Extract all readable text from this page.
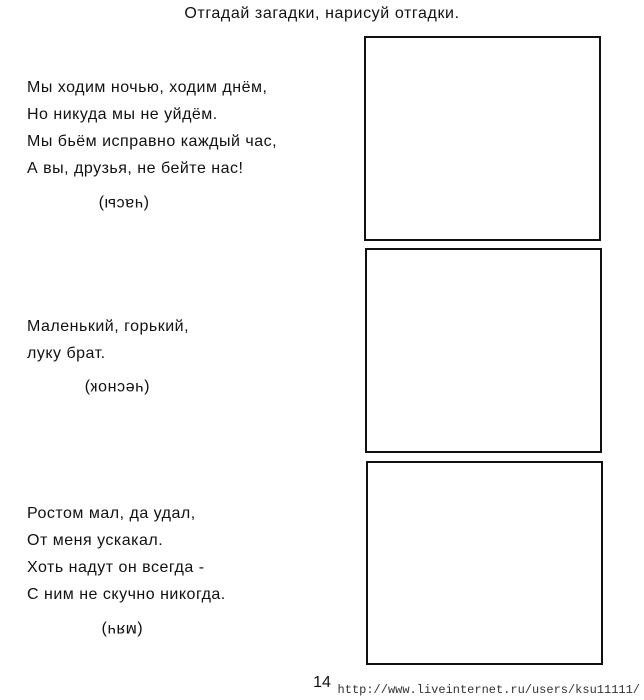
Отгадай загадки, нарисуй отгадки.
Мы ходим ночью, ходим днём,
Но никуда мы не уйдём.
Мы бьём исправно каждый час,
А вы, друзья, не бейте нас!
(часы)
Маленький, горький,
луку брат.
(чеснок)
Ростом мал, да удал,
От меня ускакал.
Хоть надут он всегда -
С ним не скучно никогда.
(мяч)
14 http://www.liveinternet.ru/users/ksu11111/
